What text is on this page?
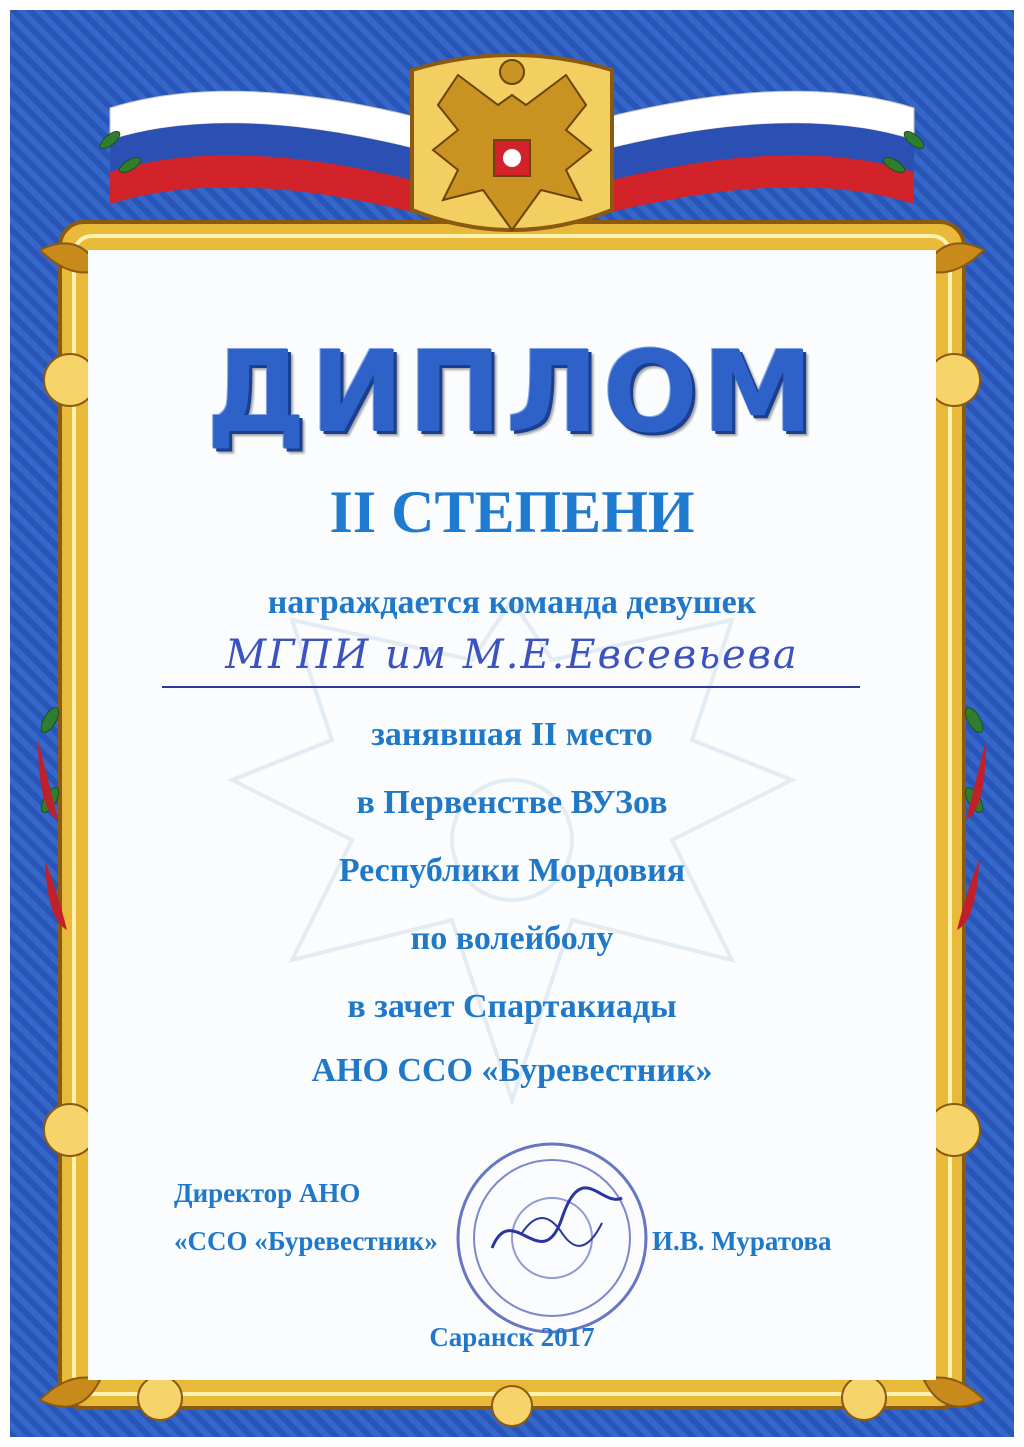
ДИПЛОМ
II СТЕПЕНИ
награждается команда девушек
МГПИ им М.Е.Евсевьева
занявшая II место
в Первенстве ВУЗов
Республики Мордовия
по волейболу
в зачет Спартакиады
АНО ССО «Буревестник»
Директор АНО
«ССО «Буревестник»	И.В. Муратова
Саранск 2017
